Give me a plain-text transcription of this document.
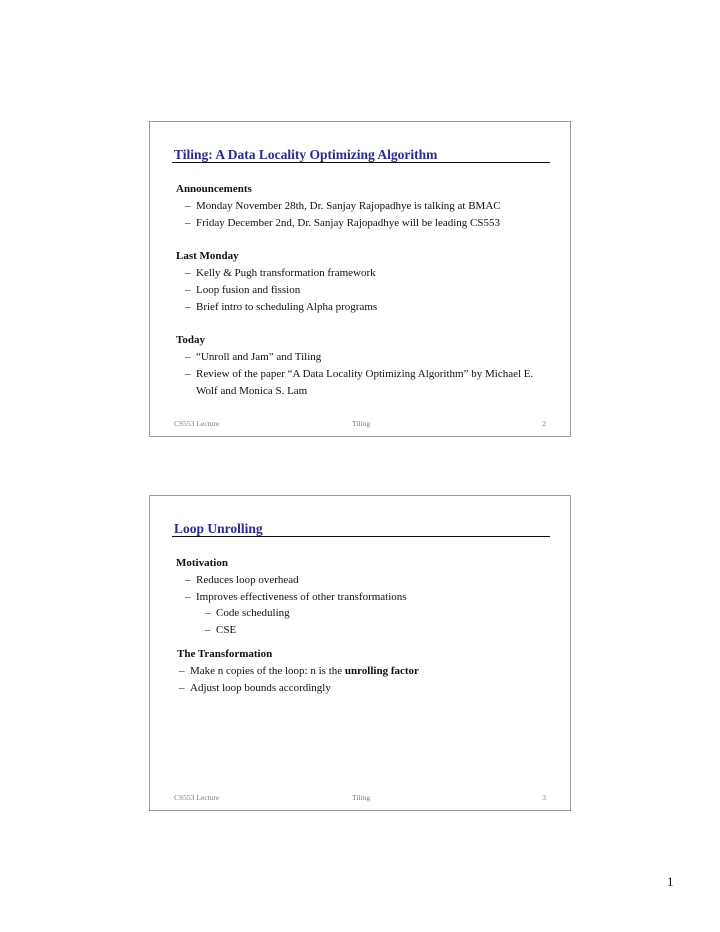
Tiling: A Data Locality Optimizing Algorithm
Announcements
– Monday November 28th, Dr. Sanjay Rajopadhye is talking at BMAC
– Friday December 2nd, Dr. Sanjay Rajopadhye will be leading CS553
Last Monday
– Kelly & Pugh transformation framework
– Loop fusion and fission
– Brief intro to scheduling Alpha programs
Today
– “Unroll and Jam” and Tiling
– Review of the paper “A Data Locality Optimizing Algorithm” by Michael E. Wolf and Monica S. Lam
CS553 Lecture	Tiling	2
Loop Unrolling
Motivation
– Reduces loop overhead
– Improves effectiveness of other transformations
– Code scheduling
– CSE
The Transformation
– Make n copies of the loop: n is the unrolling factor
– Adjust loop bounds accordingly
CS553 Lecture	Tiling	3
1
